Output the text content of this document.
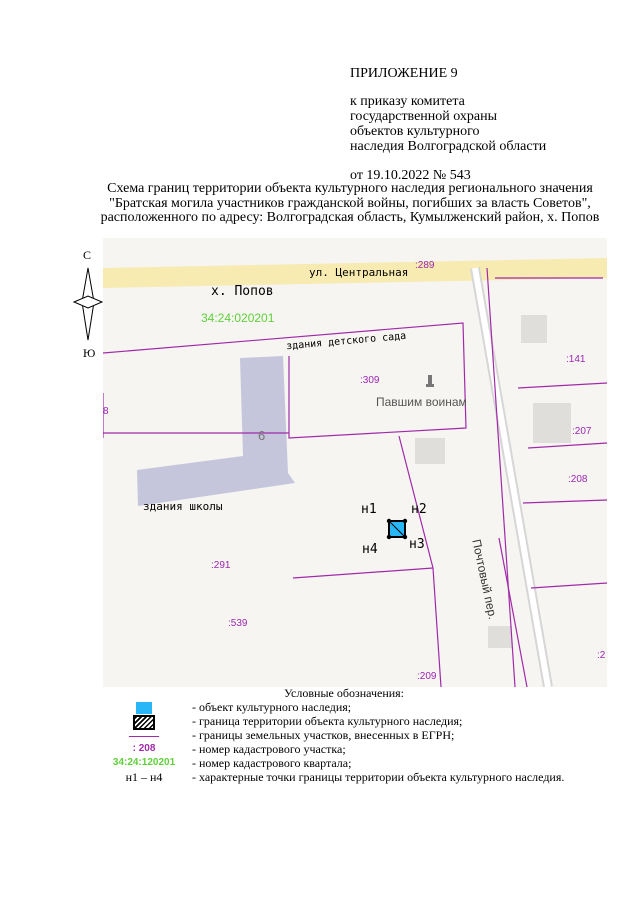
ПРИЛОЖЕНИЕ 9
к приказу комитета
государственной охраны
объектов культурного
наследия Волгоградской области
от 19.10.2022 № 543
Схема границ территории объекта культурного наследия регионального значения "Братская могила участников гражданской войны, погибших за власть Советов", расположенного по адресу: Волгоградская область, Кумылженский район, х. Попов
С
Ю
ул. Центральная
х. Попов
34:24:020201
здания детского сада
здания школы
6
Павшим воинам
Почтовый пер.
:289
:309
:141
:207
:208
:291
:539
:209
8
:2
н1	н2
н3
н4
Условные обозначения:
- объект культурного наследия;
- граница территории объекта культурного наследия;
- границы земельных участков, внесенных в ЕГРН;
: 208	- номер кадастрового участка;
34:24:120201	- номер кадастрового квартала;
н1 – н4	- характерные точки границы территории объекта культурного наследия.
